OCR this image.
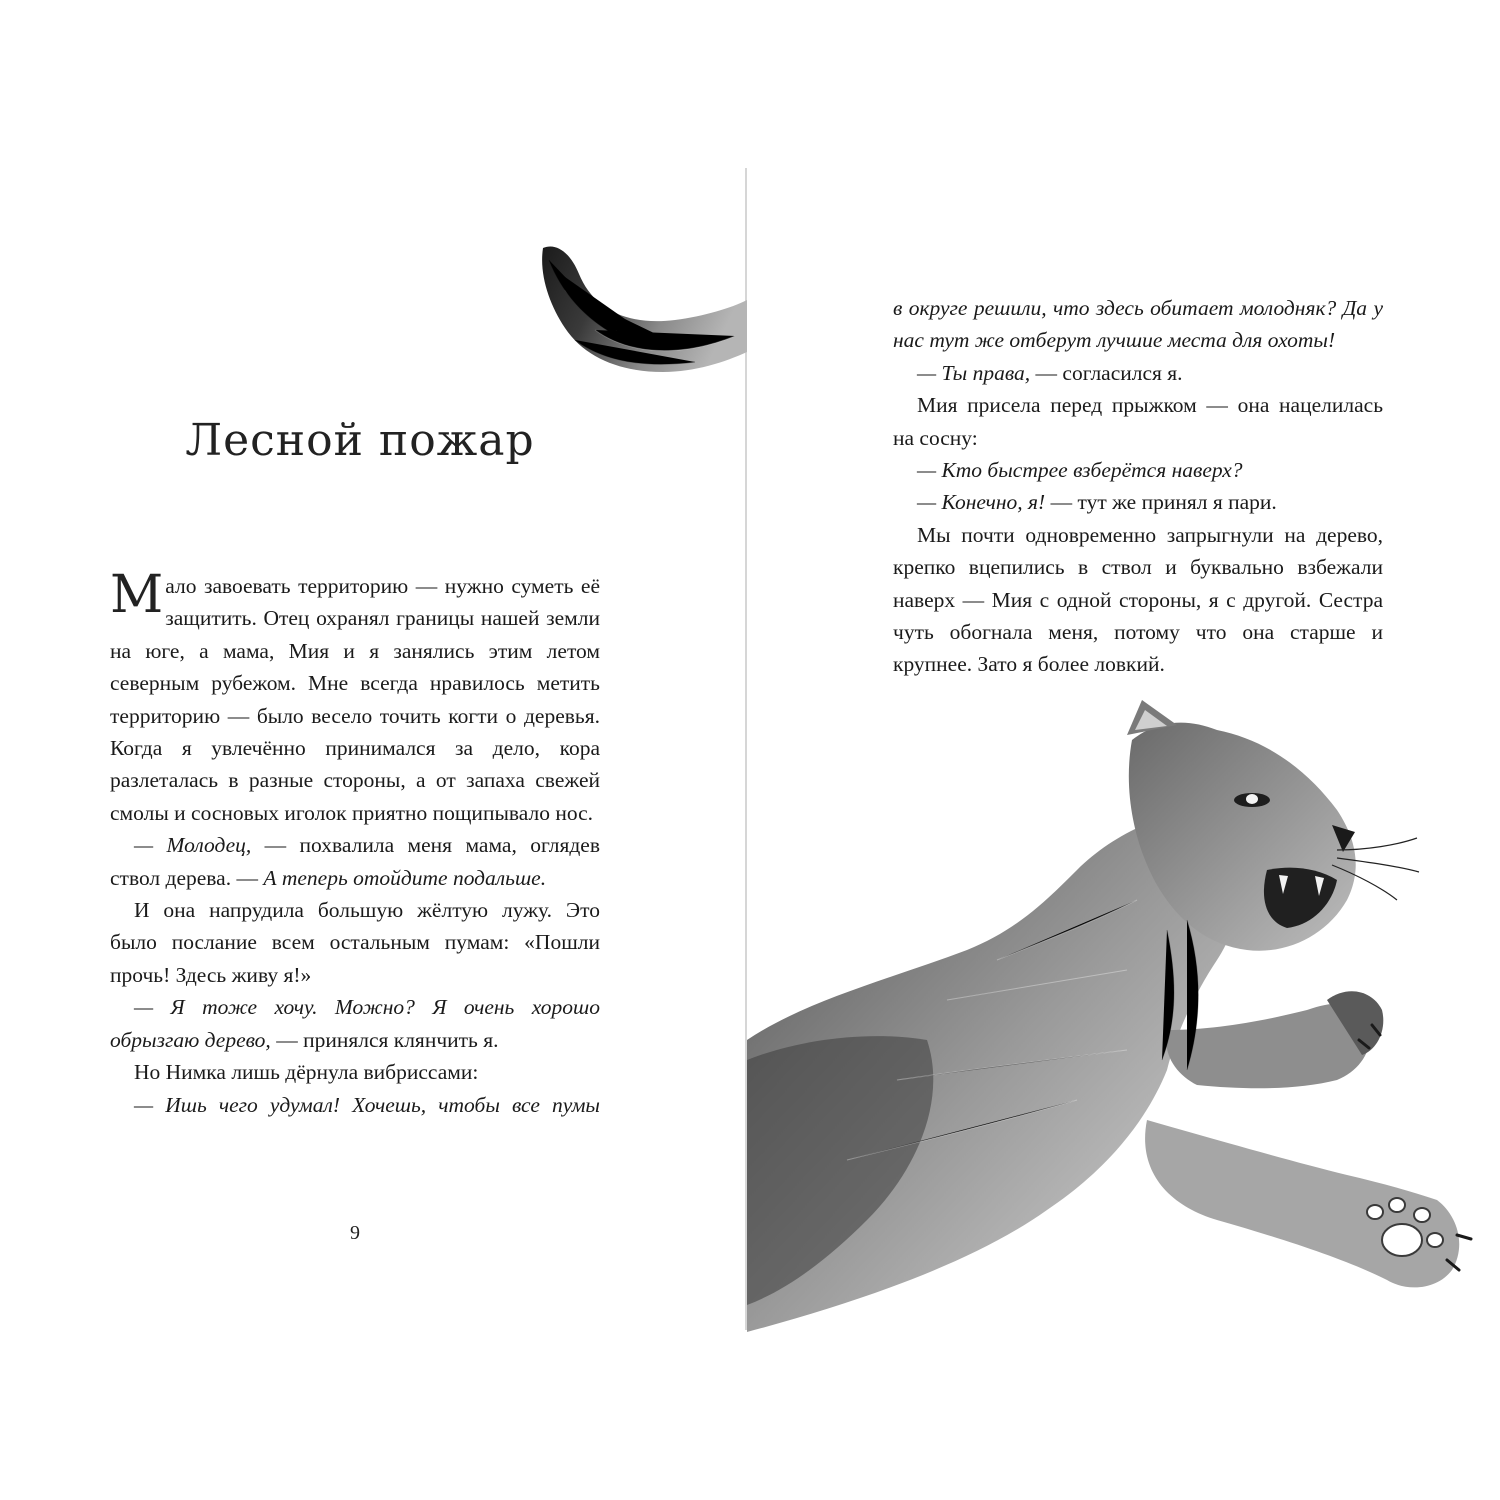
Лесной пожар

Мало завоевать территорию — нужно суметь её защитить. Отец охранял границы нашей земли на юге, а мама, Мия и я занялись этим летом северным рубежом. Мне всегда нравилось метить территорию — было весело точить когти о деревья. Когда я увлечённо принимался за дело, кора разлеталась в разные стороны, а от запаха свежей смолы и сосновых иголок приятно пощипывало нос.

— Молодец, — похвалила меня мама, оглядев ствол дерева. — А теперь отойдите подальше.

И она напрудила большую жёлтую лужу. Это было послание всем остальным пумам: «Пошли прочь! Здесь живу я!»

— Я тоже хочу. Можно? Я очень хорошо обрызгаю дерево, — принялся клянчить я.

Но Нимка лишь дёрнула вибриссами:

— Ишь чего удумал! Хочешь, чтобы все пумы

9

в округе решили, что здесь обитает молодняк? Да у нас тут же отберут лучшие места для охоты!

— Ты права, — согласился я.

Мия присела перед прыжком — она нацелилась на сосну:

— Кто быстрее взберётся наверх?

— Конечно, я! — тут же принял я пари.

Мы почти одновременно запрыгнули на дерево, крепко вцепились в ствол и буквально взбежали наверх — Мия с одной стороны, я с другой. Сестра чуть обогнала меня, потому что она старше и крупнее. Зато я более ловкий.
